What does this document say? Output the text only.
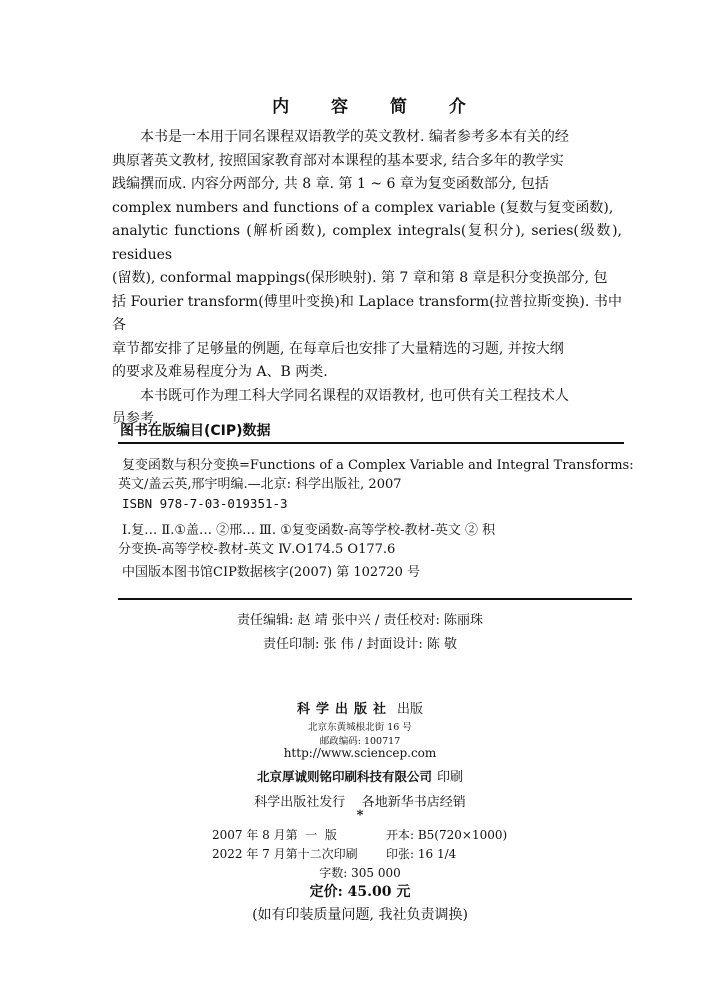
内 容 简 介

本书是一本用于同名课程双语教学的英文教材. 编者参考多本有关的经
典原著英文教材, 按照国家教育部对本课程的基本要求, 结合多年的教学实
践编撰而成. 内容分两部分, 共 8 章. 第 1 ~ 6 章为复变函数部分, 包括
complex numbers and functions of a complex variable (复数与复变函数),
analytic functions (解析函数), complex integrals(复积分), series(级数), residues
(留数), conformal mappings(保形映射). 第 7 章和第 8 章是积分变换部分, 包
括 Fourier transform(傅里叶变换)和 Laplace transform(拉普拉斯变换). 书中各
章节都安排了足够量的例题, 在每章后也安排了大量精选的习题, 并按大纲
的要求及难易程度分为 A、B 两类.

本书既可作为理工科大学同名课程的双语教材, 也可供有关工程技术人
员参考.

图书在版编目(CIP)数据
复变函数与积分变换=Functions of a Complex Variable and Integral Transforms:
英文/盖云英,邢宇明编.—北京: 科学出版社, 2007
ISBN 978-7-03-019351-3
Ⅰ.复… Ⅱ.①盖… ②邢… Ⅲ. ①复变函数-高等学校-教材-英文 ② 积
分变换-高等学校-教材-英文 Ⅳ.O174.5 O177.6
中国版本图书馆CIP数据核字(2007) 第 102720 号
责任编辑: 赵 靖 张中兴 / 责任校对: 陈丽珠
责任印制: 张 伟 / 封面设计: 陈 敬
科学出版社 出版
北京东黄城根北街 16 号
邮政编码: 100717
http://www.sciencep.com
北京厚诚则铭印刷科技有限公司 印刷
科学出版社发行    各地新华书店经销
*
2007 年 8 月第  一  版	开本: B5(720×1000)
2022 年 7 月第十二次印刷 印张: 16 1/4
字数: 305 000
定价: 45.00 元
(如有印装质量问题, 我社负责调换)
